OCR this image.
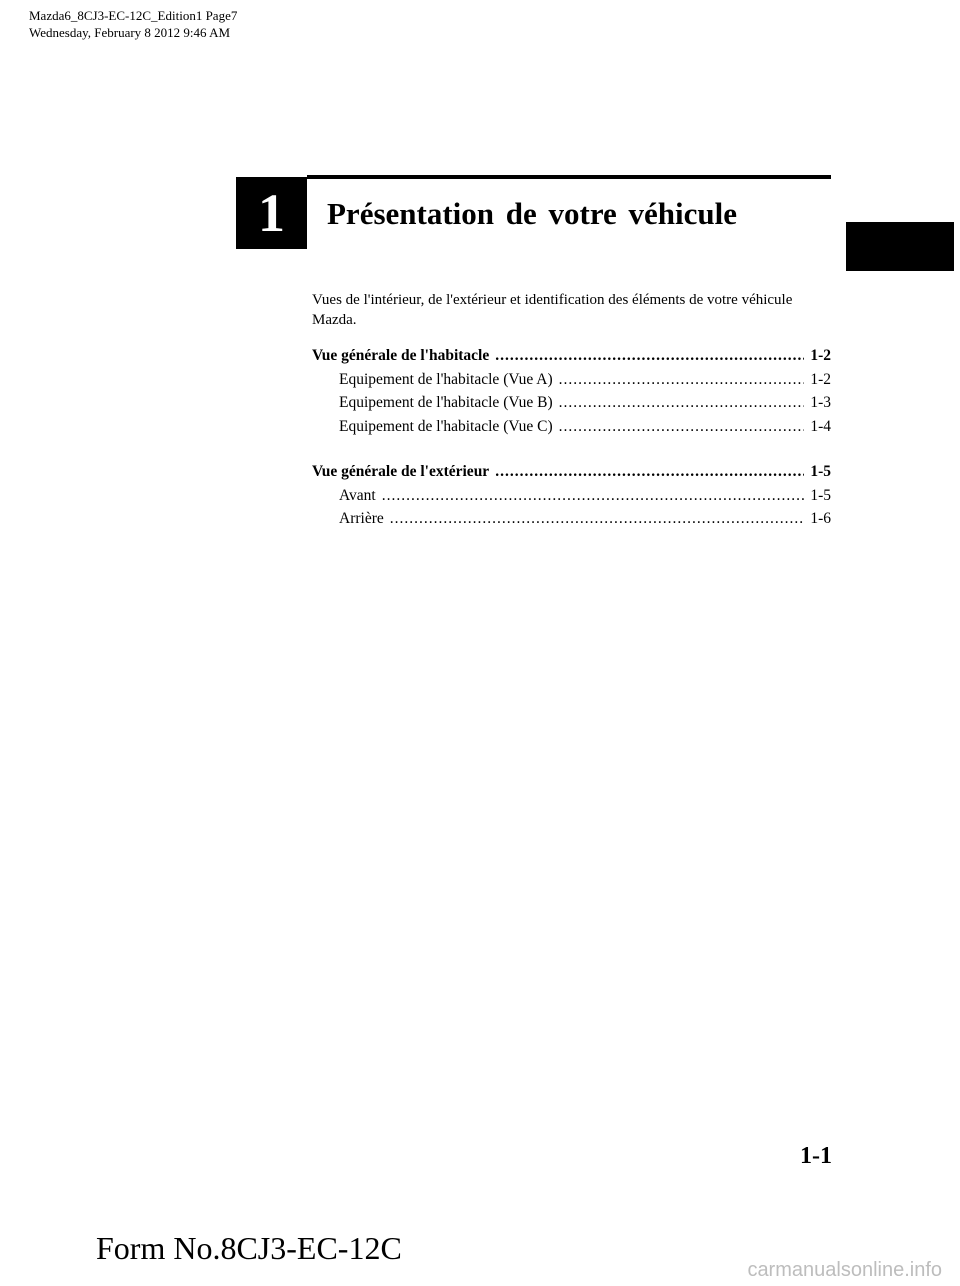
Mazda6_8CJ3-EC-12C_Edition1 Page7
Wednesday, February 8 2012 9:46 AM
1	Présentation de votre véhicule
Vues de l'intérieur, de l'extérieur et identification des éléments de votre véhicule Mazda.
Vue générale de l'habitacle .....	1-2
Equipement de l'habitacle (Vue A) .....	1-2
Equipement de l'habitacle (Vue B) .....	1-3
Equipement de l'habitacle (Vue C) .....	1-4
Vue générale de l'extérieur .....	1-5
Avant .....	1-5
Arrière .....	1-6
1-1
Form No.8CJ3-EC-12C
carmanualsonline.info
